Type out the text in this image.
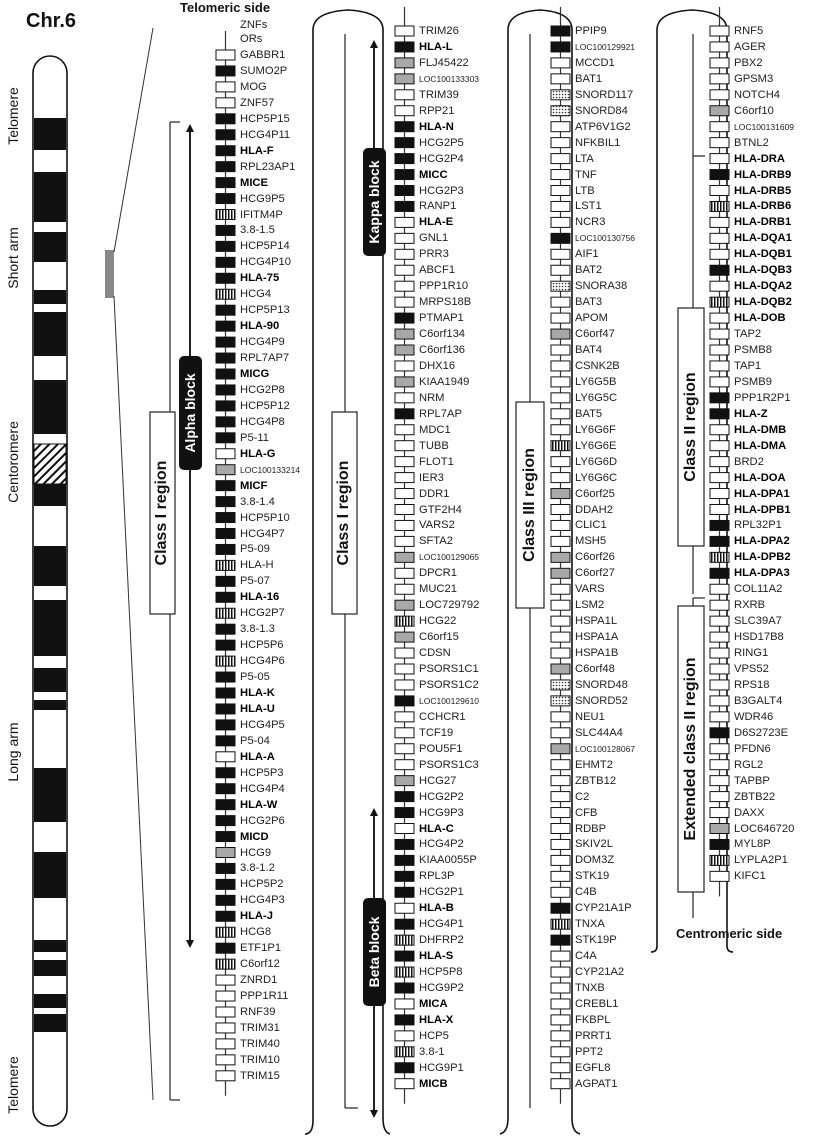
Chr.6
Telomere
Short arm
Centoromere
Long arm
Telomere
Telomeric side
Centromeric side
GABBR1
SUMO2P
MOG
ZNF57
HCP5P15
HCG4P11
HLA-F
RPL23AP1
MICE
HCG9P5
IFITM4P
3.8-1.5
HCP5P14
HCG4P10
HLA-75
HCG4
HCP5P13
HLA-90
HCG4P9
RPL7AP7
MICG
HCG2P8
HCP5P12
HCG4P8
P5-11
HLA-G
LOC100133214
MICF
3.8-1.4
HCP5P10
HCG4P7
P5-09
HLA-H
P5-07
HLA-16
HCG2P7
3.8-1.3
HCP5P6
HCG4P6
P5-05
HLA-K
HLA-U
HCG4P5
P5-04
HLA-A
HCP5P3
HCG4P4
HLA-W
HCG2P6
MICD
HCG9
3.8-1.2
HCP5P2
HCG4P3
HLA-J
HCG8
ETF1P1
C6orf12
ZNRD1
PPP1R11
RNF39
TRIM31
TRIM40
TRIM10
TRIM15
ZNFs
ORs
TRIM26
HLA-L
FLJ45422
LOC100133303
TRIM39
RPP21
HLA-N
HCG2P5
HCG2P4
MICC
HCG2P3
RANP1
HLA-E
GNL1
PRR3
ABCF1
PPP1R10
MRPS18B
PTMAP1
C6orf134
C6orf136
DHX16
KIAA1949
NRM
RPL7AP
MDC1
TUBB
FLOT1
IER3
DDR1
GTF2H4
VARS2
SFTA2
LOC100129065
DPCR1
MUC21
LOC729792
HCG22
C6orf15
CDSN
PSORS1C1
PSORS1C2
LOC100129610
CCHCR1
TCF19
POU5F1
PSORS1C3
HCG27
HCG2P2
HCG9P3
HLA-C
HCG4P2
KIAA0055P
RPL3P
HCG2P1
HLA-B
HCG4P1
DHFRP2
HLA-S
HCP5P8
HCG9P2
MICA
HLA-X
HCP5
3.8-1
HCG9P1
MICB
PPIP9
LOC100129921
MCCD1
BAT1
SNORD117
SNORD84
ATP6V1G2
NFKBIL1
LTA
TNF
LTB
LST1
NCR3
LOC100130756
AIF1
BAT2
SNORA38
BAT3
APOM
C6orf47
BAT4
CSNK2B
LY6G5B
LY6G5C
BAT5
LY6G6F
LY6G6E
LY6G6D
LY6G6C
C6orf25
DDAH2
CLIC1
MSH5
C6orf26
C6orf27
VARS
LSM2
HSPA1L
HSPA1A
HSPA1B
C6orf48
SNORD48
SNORD52
NEU1
SLC44A4
LOC100128067
EHMT2
ZBTB12
C2
CFB
RDBP
SKIV2L
DOM3Z
STK19
C4B
CYP21A1P
TNXA
STK19P
C4A
CYP21A2
TNXB
CREBL1
FKBPL
PRRT1
PPT2
EGFL8
AGPAT1
RNF5
AGER
PBX2
GPSM3
NOTCH4
C6orf10
LOC100131609
BTNL2
HLA-DRA
HLA-DRB9
HLA-DRB5
HLA-DRB6
HLA-DRB1
HLA-DQA1
HLA-DQB1
HLA-DQB3
HLA-DQA2
HLA-DQB2
HLA-DOB
TAP2
PSMB8
TAP1
PSMB9
PPP1R2P1
HLA-Z
HLA-DMB
HLA-DMA
BRD2
HLA-DOA
HLA-DPA1
HLA-DPB1
RPL32P1
HLA-DPA2
HLA-DPB2
HLA-DPA3
COL11A2
RXRB
SLC39A7
HSD17B8
RING1
VPS52
RPS18
B3GALT4
WDR46
D6S2723E
PFDN6
RGL2
TAPBP
ZBTB22
DAXX
LOC646720
MYL8P
LYPLA2P1
KIFC1
Class I region	Class I region	Class III region
Class II region
Extended class II region
Alpha block
Kappa block
Beta block
